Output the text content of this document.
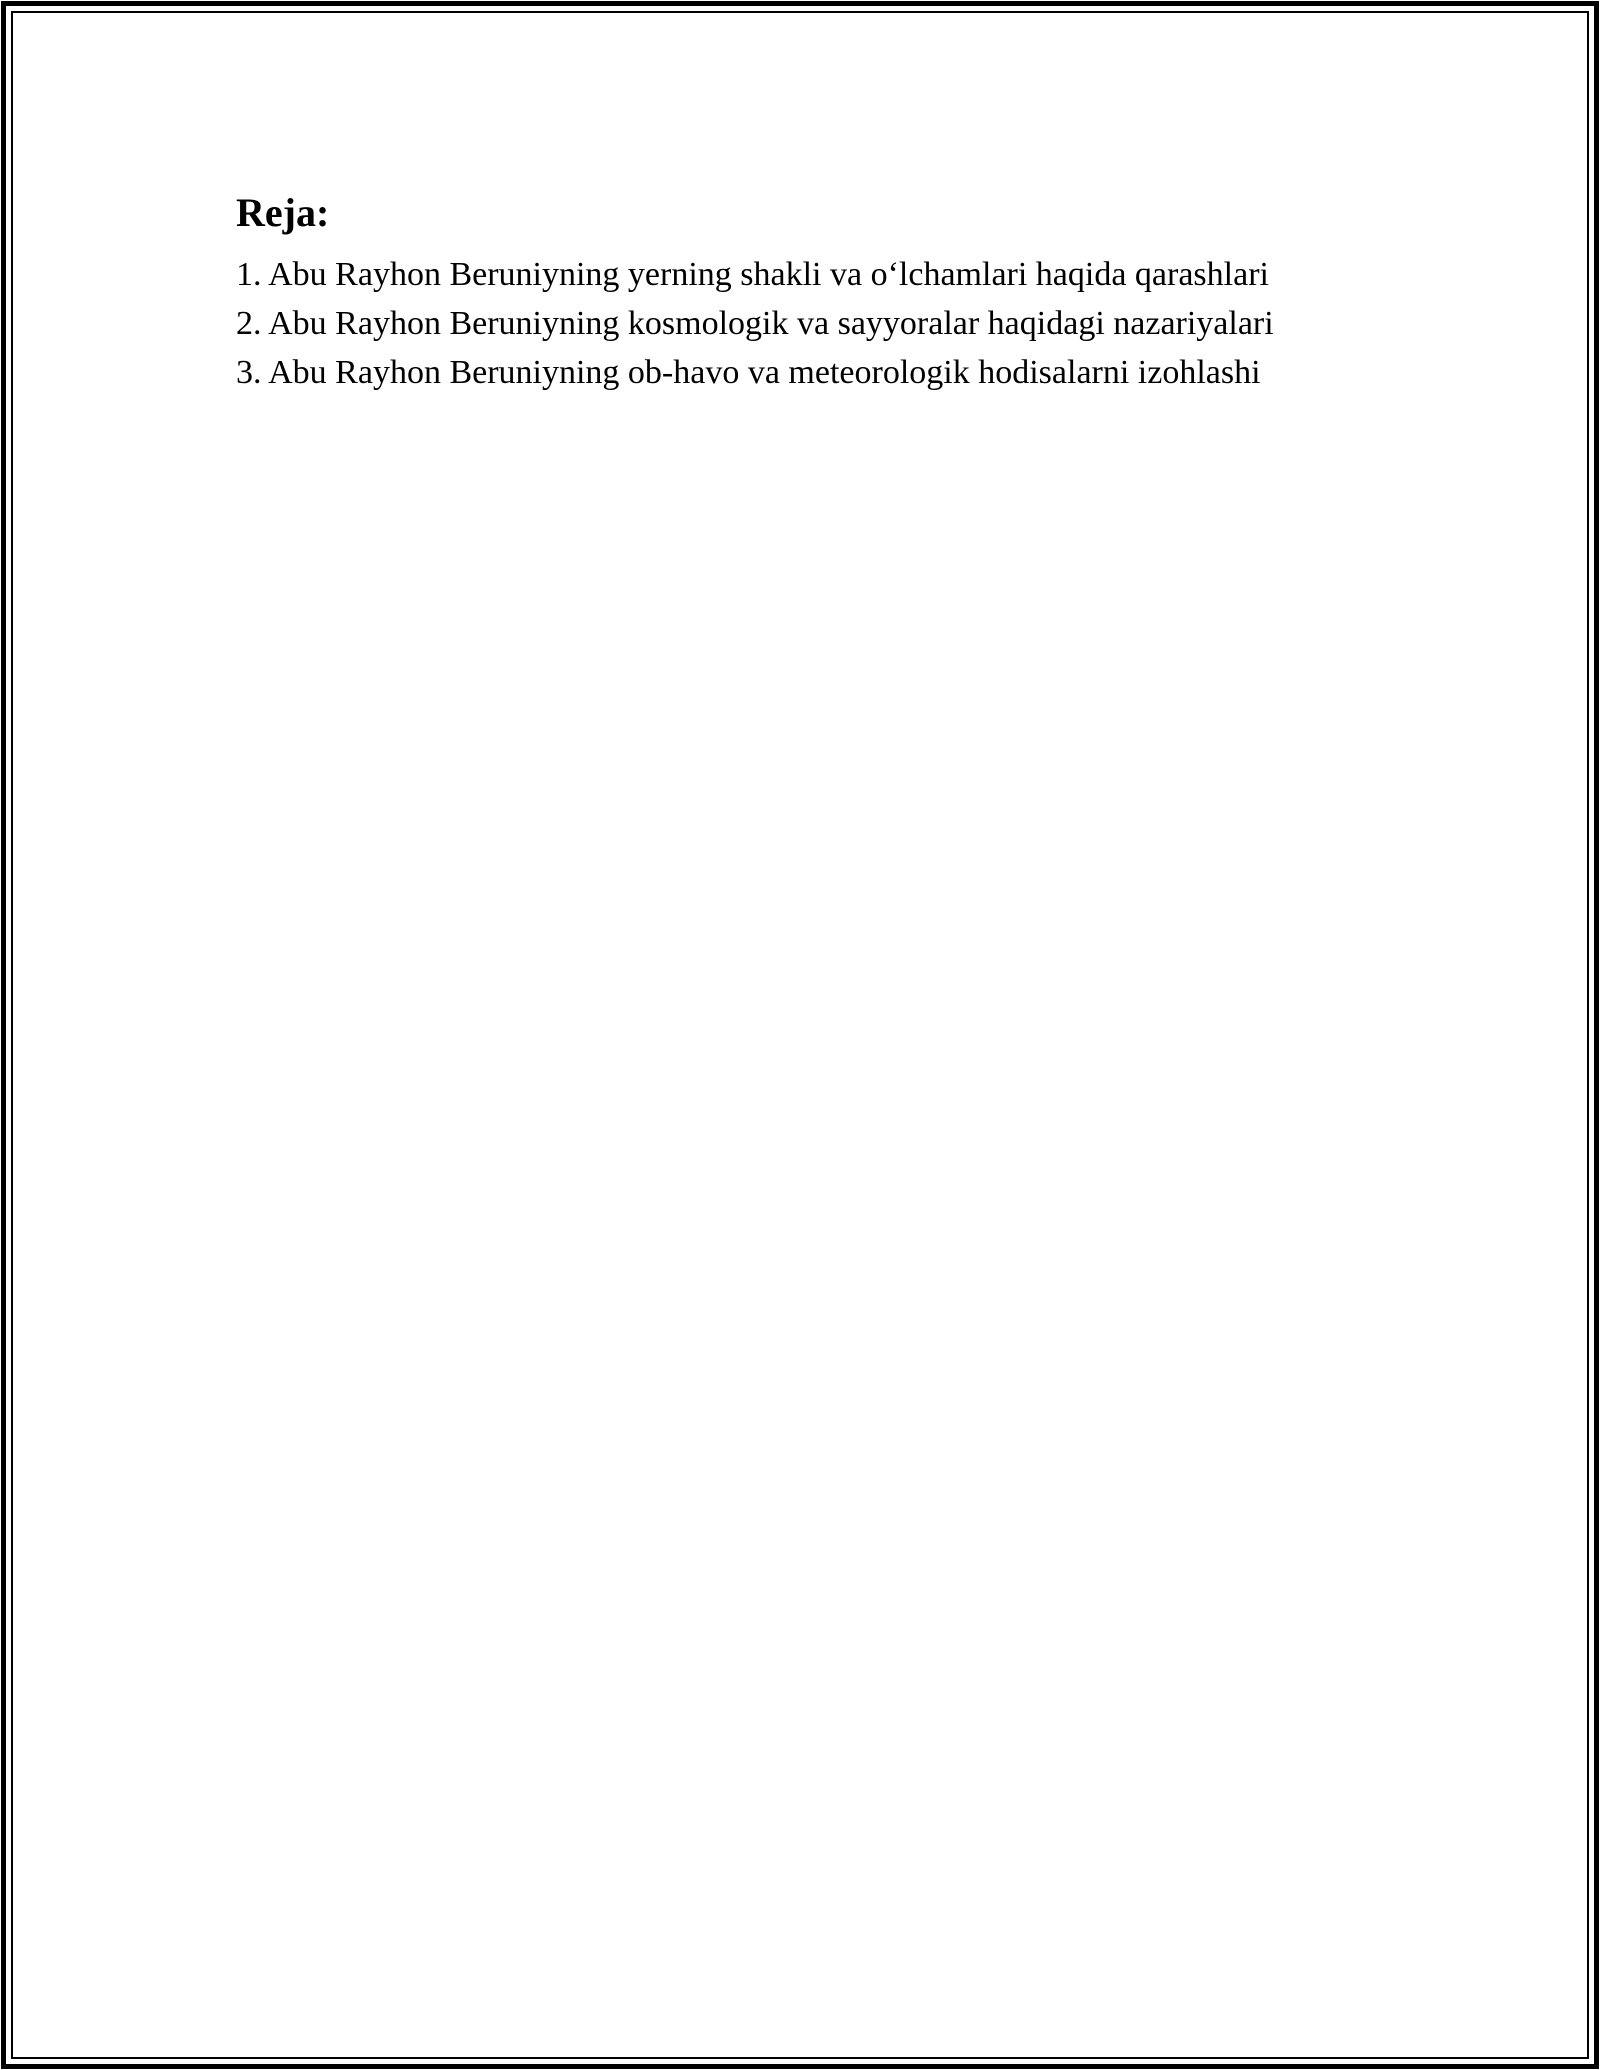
Reja:
1. Abu Rayhon Beruniyning yerning shakli va o‘lchamlari haqida qarashlari
2. Abu Rayhon Beruniyning kosmologik va sayyoralar haqidagi nazariyalari
3. Abu Rayhon Beruniyning ob-havo va meteorologik hodisalarni izohlashi
